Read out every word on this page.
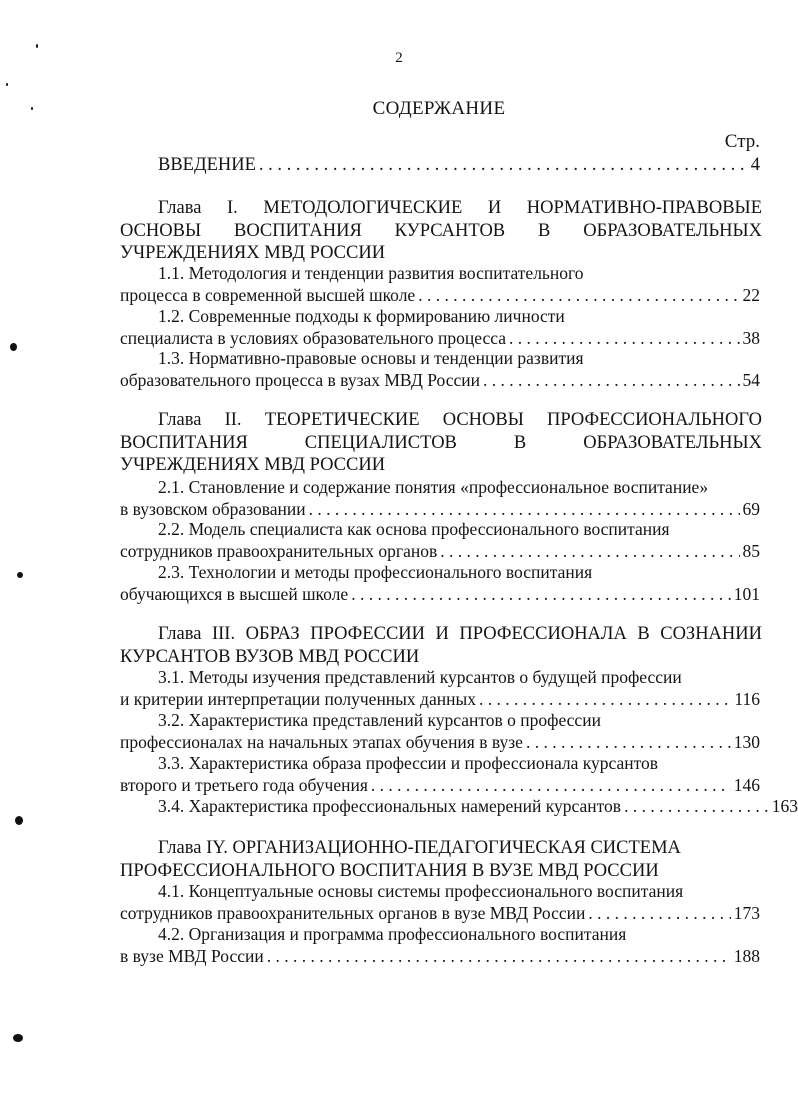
2
СОДЕРЖАНИЕ
Стр.
ВВЕДЕНИЕ . . .	4
Глава I. МЕТОДОЛОГИЧЕСКИЕ И НОРМАТИВНО-ПРАВОВЫЕ
ОСНОВЫ ВОСПИТАНИЯ КУРСАНТОВ В ОБРАЗОВАТЕЛЬНЫХ
УЧРЕЖДЕНИЯХ МВД РОССИИ
1.1. Методология и тенденции развития воспитательного
процесса в современной высшей школе . . .	22
1.2. Современные подходы к формированию личности
специалиста в условиях образовательного процесса . . .	38
1.3. Нормативно-правовые основы и тенденции развития
образовательного процесса в вузах МВД России . . .	54
Глава II. ТЕОРЕТИЧЕСКИЕ ОСНОВЫ ПРОФЕССИОНАЛЬНОГО
ВОСПИТАНИЯ СПЕЦИАЛИСТОВ В ОБРАЗОВАТЕЛЬНЫХ
УЧРЕЖДЕНИЯХ МВД РОССИИ
2.1. Становление и содержание понятия «профессиональное воспитание»
в вузовском образовании . . .	69
2.2. Модель специалиста как основа профессионального воспитания
сотрудников правоохранительных органов . . .	85
2.3. Технологии и методы профессионального воспитания
обучающихся в высшей школе . . .	101
Глава III. ОБРАЗ ПРОФЕССИИ И ПРОФЕССИОНАЛА В СОЗНАНИИ
КУРСАНТОВ ВУЗОВ МВД РОССИИ
3.1. Методы изучения представлений курсантов о будущей профессии
и критерии интерпретации полученных данных . . .	116
3.2. Характеристика представлений курсантов о профессии
профессионалах на начальных этапах обучения в вузе . . .	130
3.3. Характеристика образа профессии и профессионала курсантов
второго и третьего года обучения . . .	146
3.4. Характеристика профессиональных намерений курсантов . . .	163
Глава IY. ОРГАНИЗАЦИОННО-ПЕДАГОГИЧЕСКАЯ СИСТЕМА
ПРОФЕССИОНАЛЬНОГО ВОСПИТАНИЯ В ВУЗЕ МВД РОССИИ
4.1. Концептуальные основы системы профессионального воспитания
сотрудников правоохранительных органов в вузе МВД России . . .	173
4.2. Организация и программа профессионального воспитания
в вузе МВД России . . .	188
